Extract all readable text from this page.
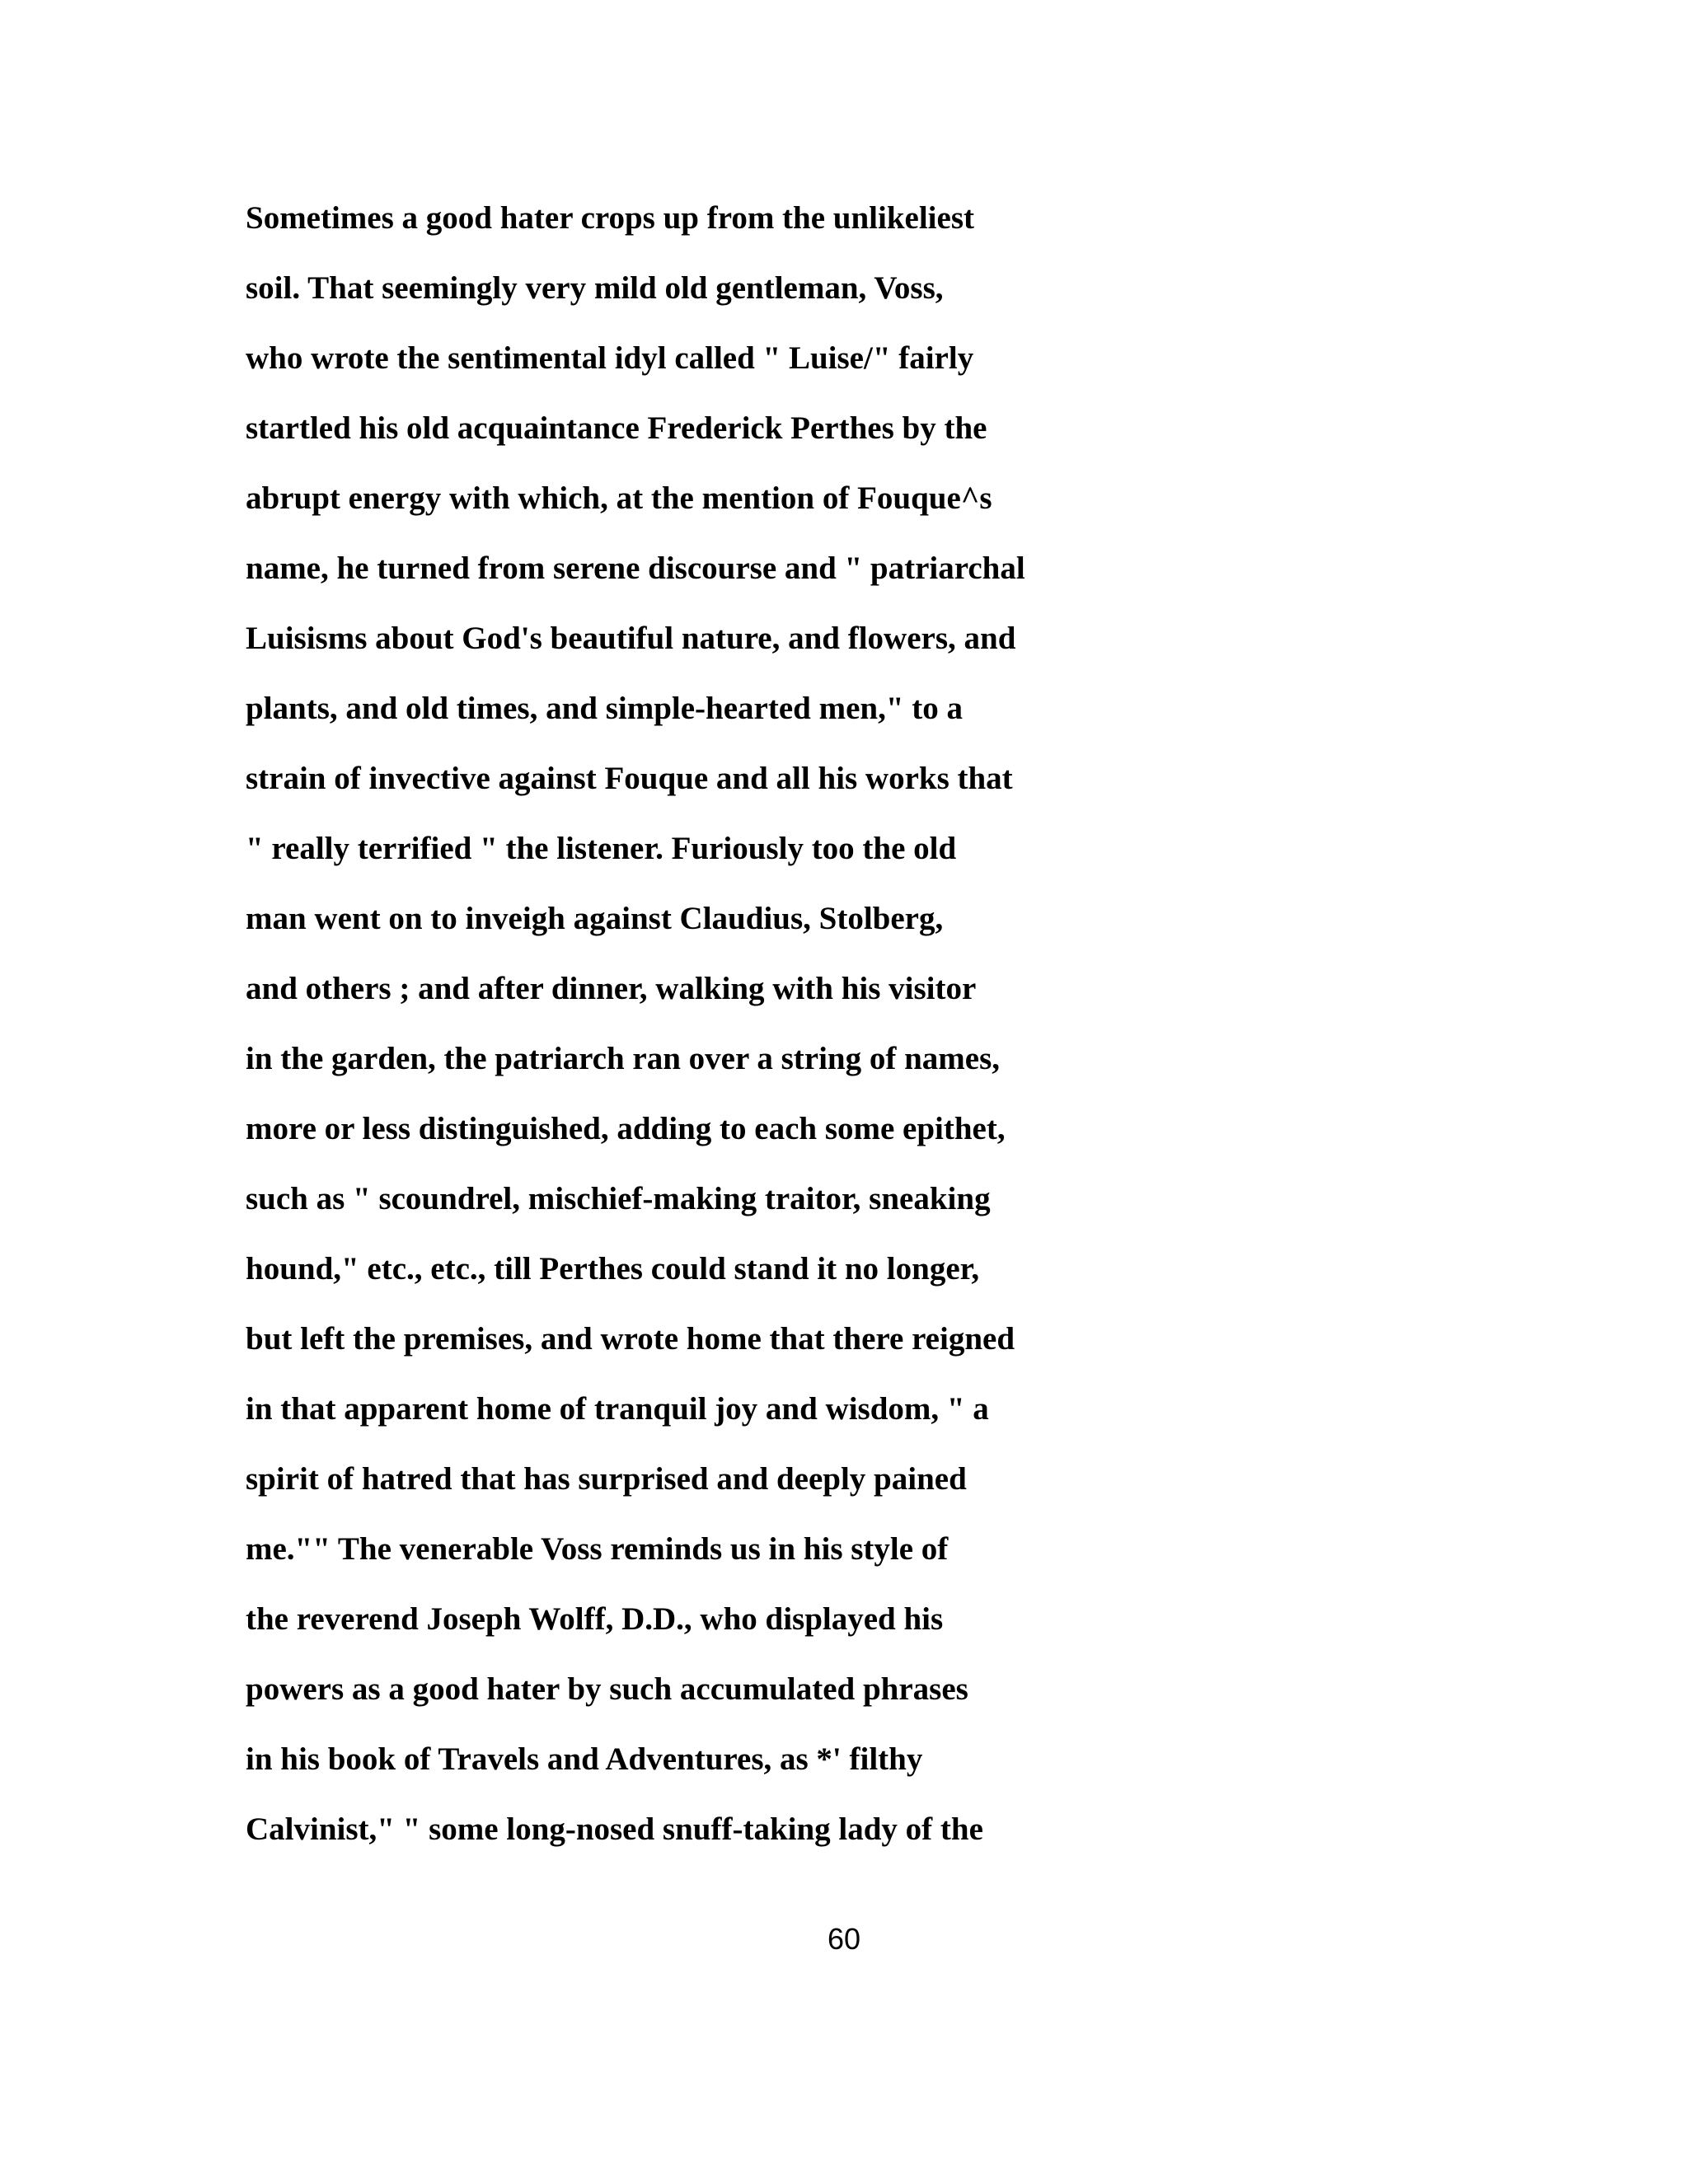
Sometimes a good hater crops up from the unlikeliest
soil. That seemingly very mild old gentleman, Voss,
who wrote the sentimental idyl called " Luise/" fairly
startled his old acquaintance Frederick Perthes by the
abrupt energy with which, at the mention of Fouque^s
name, he turned from serene discourse and " patriarchal
Luisisms about God's beautiful nature, and flowers, and
plants, and old times, and simple-hearted men," to a
strain of invective against Fouque and all his works that
" really terrified " the listener. Furiously too the old
man went on to inveigh against Claudius, Stolberg,
and others ; and after dinner, walking with his visitor
in the garden, the patriarch ran over a string of names,
more or less distinguished, adding to each some epithet,
such as " scoundrel, mischief-making traitor, sneaking
hound," etc., etc., till Perthes could stand it no longer,
but left the premises, and wrote home that there reigned
in that apparent home of tranquil joy and wisdom, " a
spirit of hatred that has surprised and deeply pained
me."" The venerable Voss reminds us in his style of
the reverend Joseph Wolff, D.D., who displayed his
powers as a good hater by such accumulated phrases
in his book of Travels and Adventures, as *' filthy
Calvinist," " some long-nosed snuff-taking lady of the
60
